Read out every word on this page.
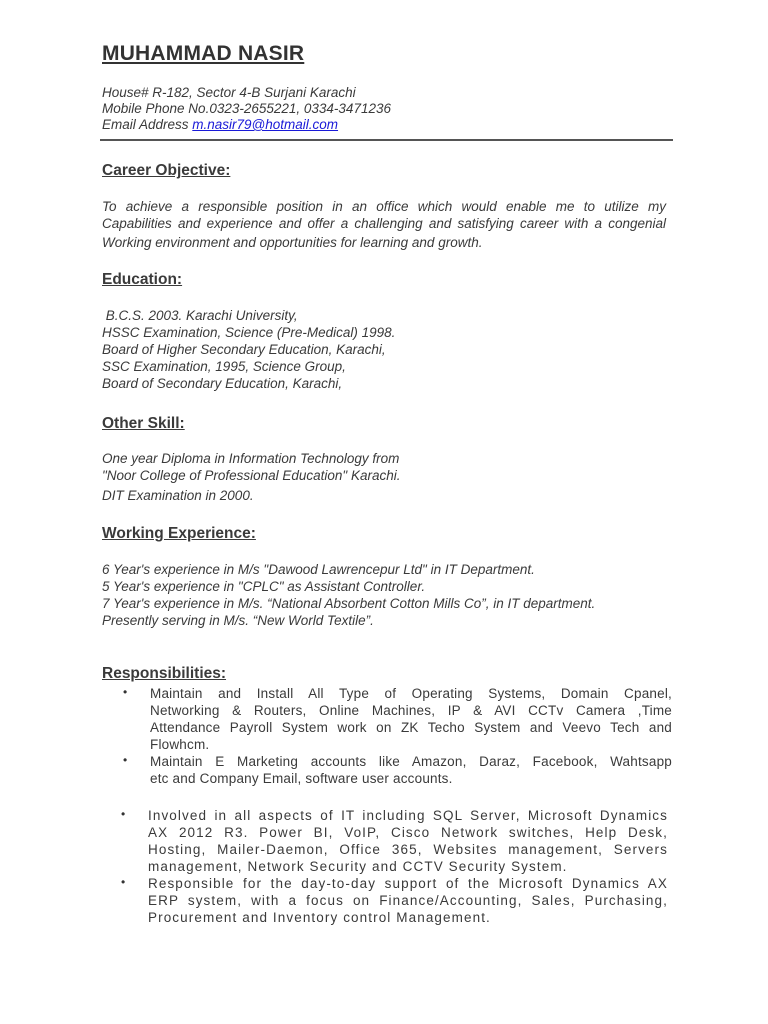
MUHAMMAD NASIR
House# R-182, Sector 4-B Surjani Karachi
Mobile Phone No.0323-2655221, 0334-3471236
Email Address m.nasir79@hotmail.com
Career Objective:
To achieve a responsible position in an office which would enable me to utilize my
Capabilities and experience and offer a challenging and satisfying career with a congenial
Working environment and opportunities for learning and growth.
Education:
B.C.S. 2003. Karachi University,
HSSC Examination, Science (Pre-Medical) 1998.
Board of Higher Secondary Education, Karachi,
SSC Examination, 1995, Science Group,
Board of Secondary Education, Karachi,
Other Skill:
One year Diploma in Information Technology from
"Noor College of Professional Education" Karachi.
DIT Examination in 2000.
Working Experience:
6 Year's experience in M/s "Dawood Lawrencepur Ltd" in IT Department.
5 Year's experience in "CPLC" as Assistant Controller.
7 Year's experience in M/s. “National Absorbent Cotton Mills Co”, in IT department.
Presently serving in M/s. “New World Textile”.
Responsibilities:
• Maintain and Install All Type of Operating Systems, Domain Cpanel,
Networking & Routers, Online Machines, IP & AVI CCTv Camera ,Time
Attendance Payroll System work on ZK Techo System and Veevo Tech and
Flowhcm.
• Maintain E Marketing accounts like Amazon, Daraz, Facebook, Wahtsapp
etc and Company Email, software user accounts.
• Involved in all aspects of IT including SQL Server, Microsoft Dynamics
AX 2012 R3. Power BI, VoIP, Cisco Network switches, Help Desk,
Hosting, Mailer-Daemon, Office 365, Websites management, Servers
management, Network Security and CCTV Security System.
• Responsible for the day-to-day support of the Microsoft Dynamics AX
ERP system, with a focus on Finance/Accounting, Sales, Purchasing,
Procurement and Inventory control Management.
